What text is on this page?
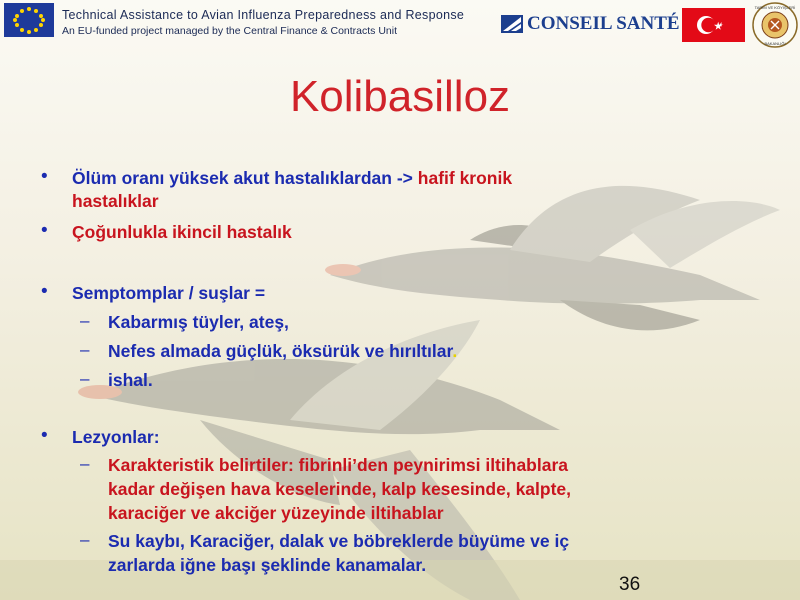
Technical Assistance to Avian Influenza Preparedness and Response
An EU-funded project managed by the Central Finance & Contracts Unit	CONSEIL SANTÉ
TARIM VE KÖYİŞLERİ
BAKANLIĞI
Kolibasilloz
• Ölüm oranı yüksek akut hastalıklardan -> hafif kronik
hastalıklar
• Çoğunlukla ikincil hastalık
• Semptomplar / suşlar =
– Kabarmış tüyler, ateş,
– Nefes almada güçlük, öksürük ve hırıltılar.
– ishal.
• Lezyonlar:
– Karakteristik belirtiler: fibrinli’den peynirimsi iltihablara
kadar değişen hava keselerinde, kalp kesesinde, kalpte,
karaciğer ve akciğer yüzeyinde iltihablar
– Su kaybı, Karaciğer, dalak ve böbreklerde büyüme ve iç
zarlarda iğne başı şeklinde kanamalar.
36
